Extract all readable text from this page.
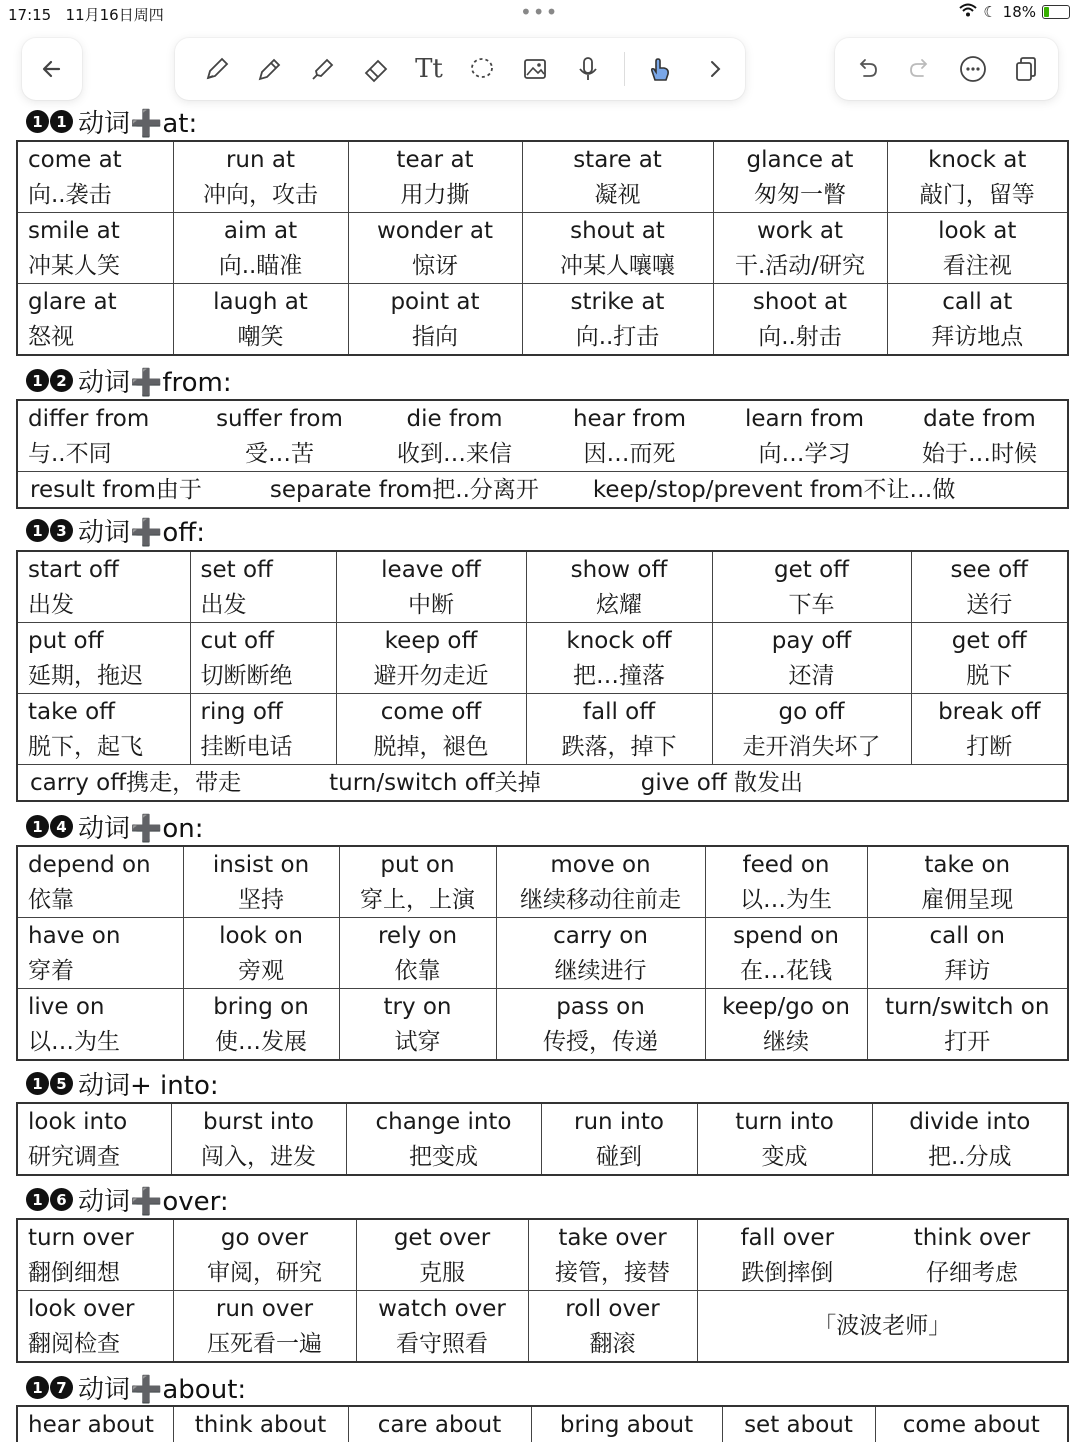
17:15 11月16日周四	•••	☾ 18%
Tt
1 1 动词➕at:
come at	run at	tear at	stare at	glance at	knock at
向..袭击	冲向，攻击	用力撕	凝视	匆匆一瞥	敲门，留等
smile at	aim at	wonder at	shout at	work at	look at
冲某人笑	向..瞄准	惊讶	冲某人嚷嚷	干.活动/研究	看注视
glare at	laugh at	point at	strike at	shoot at	call at
怒视	嘲笑	指向	向..打击	向..射击	拜访地点
1 2 动词➕from:
differ from	suffer from	die from	hear from	learn from	date from
与..不同	受…苦	收到…来信	因…而死	向…学习	始于…时候
result from由于 separate from把..分离开 keep/stop/prevent from不让…做					
1 3 动词➕off:
start off	set off	leave off	show off	get off	see off
出发	出发	中断	炫耀	下车	送行
put off	cut off	keep off	knock off	pay off	get off
延期，拖迟	切断断绝	避开勿走近	把…撞落	还清	脱下
take off	ring off	come off	fall off	go off	break off
脱下，起飞	挂断电话	脱掉，褪色	跌落，掉下	走开消失坏了	打断
carry off携走，带走 turn/switch off关掉 give off 散发出					
1 4 动词➕on:
depend on	insist on	put on	move on	feed on	take on
依靠	坚持	穿上，上演	继续移动往前走	以…为生	雇佣呈现
have on	look on	rely on	carry on	spend on	call on
穿着	旁观	依靠	继续进行	在…花钱	拜访
live on	bring on	try on	pass on	keep/go on	turn/switch on
以…为生	使…发展	试穿	传授，传递	继续	打开
1 5 动词+ into:
look into	burst into	change into	run into	turn into	divide into
研究调查	闯入，进发	把变成	碰到	变成	把..分成
1 6 动词➕over:
turn over	go over	get over	take over	fall over	think over
翻倒细想	审阅，研究	克服	接管，接替	跌倒摔倒	仔细考虑
look over	run over	watch over	roll over	「波波老师」	
翻阅检查	压死看一遍	看守照看	翻滚		
1 7 动词➕about:
hear about	think about	care about	bring about	set about	come about
